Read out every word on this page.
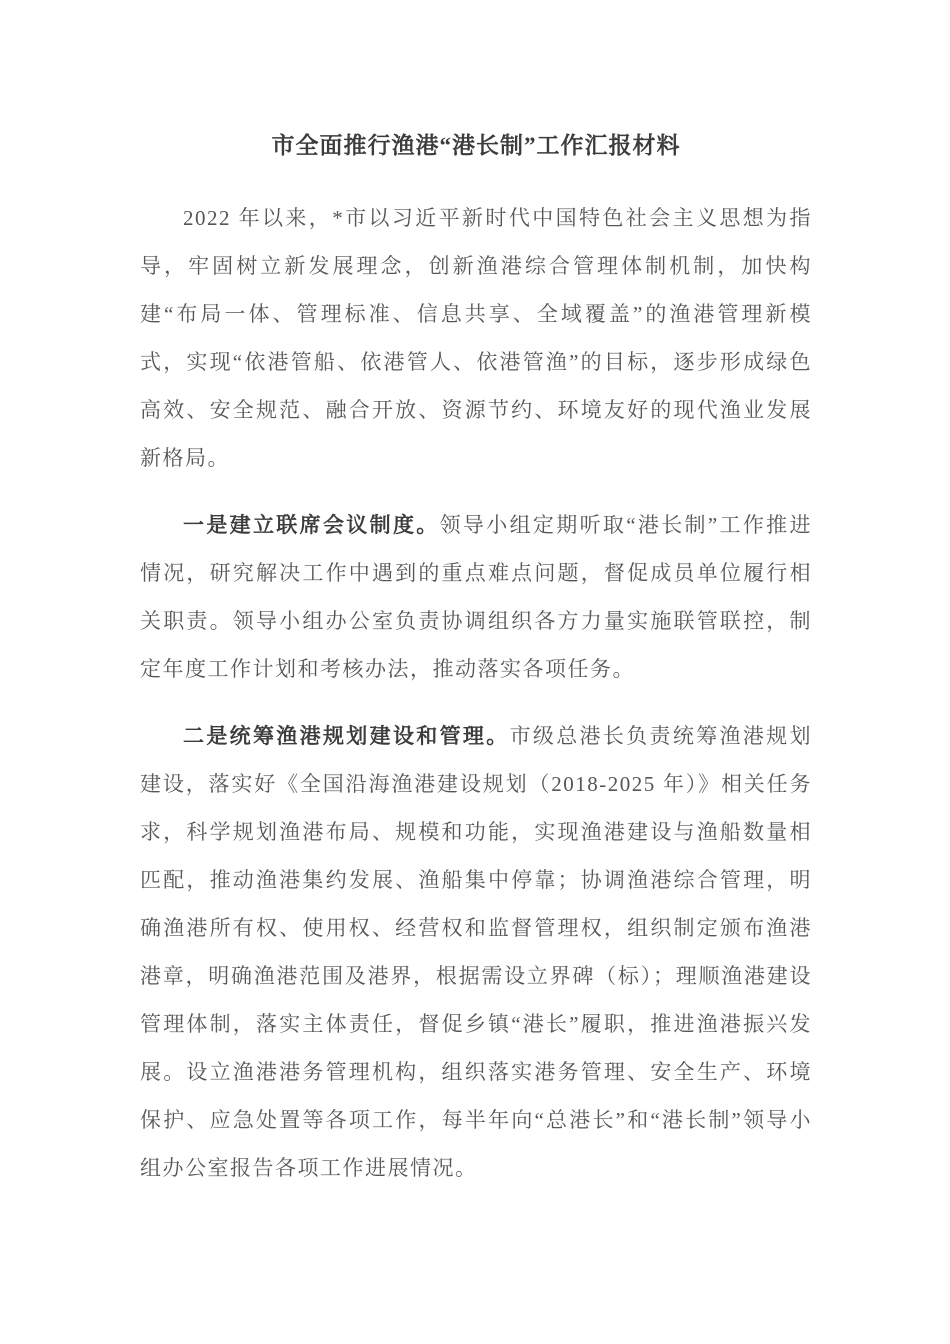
市全面推行渔港“港长制”工作汇报材料

2022 年以来，*市以习近平新时代中国特色社会主义思想为指导，牢固树立新发展理念，创新渔港综合管理体制机制，加快构建“布局一体、管理标准、信息共享、全域覆盖”的渔港管理新模式，实现“依港管船、依港管人、依港管渔”的目标，逐步形成绿色高效、安全规范、融合开放、资源节约、环境友好的现代渔业发展新格局。

一是建立联席会议制度。领导小组定期听取“港长制”工作推进情况，研究解决工作中遇到的重点难点问题，督促成员单位履行相关职责。领导小组办公室负责协调组织各方力量实施联管联控，制定年度工作计划和考核办法，推动落实各项任务。

二是统筹渔港规划建设和管理。市级总港长负责统筹渔港规划建设，落实好《全国沿海渔港建设规划（2018-2025 年）》相关任务求，科学规划渔港布局、规模和功能，实现渔港建设与渔船数量相匹配，推动渔港集约发展、渔船集中停靠；协调渔港综合管理，明确渔港所有权、使用权、经营权和监督管理权，组织制定颁布渔港港章，明确渔港范围及港界，根据需设立界碑（标）；理顺渔港建设管理体制，落实主体责任，督促乡镇“港长”履职，推进渔港振兴发展。设立渔港港务管理机构，组织落实港务管理、安全生产、环境保护、应急处置等各项工作，每半年向“总港长”和“港长制”领导小组办公室报告各项工作进展情况。
